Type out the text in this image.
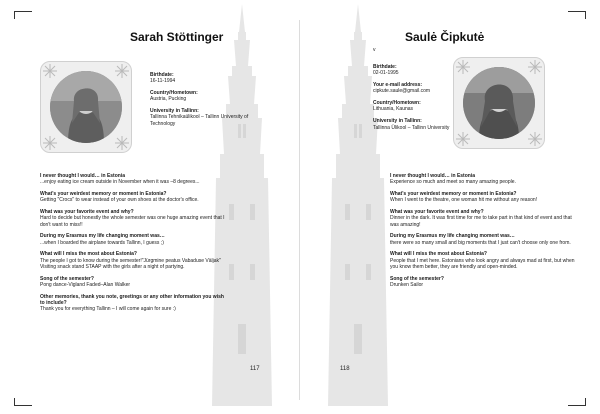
Sarah Stöttinger
Birthdate:
16-11-1994
Country/Hometown:
Austria, Pucking
University in Tallinn:
Tallinna Tehnikaülikool – Tallinn University of Technology
I never thought I would… in Estonia
...enjoy eating ice cream outside in November when it was –8 degrees...
What's your weirdest memory or moment in Estonia?
Getting "Crocs" to wear instead of your own shoes at the doctor's office.
What was your favorite event and why?
Hard to decide but honestly the whole semester was one huge amazing event that I don't want to miss!!
During my Erasmus my life changing moment was…
...when I boarded the airplane towards Tallinn, I guess ;)
What will I miss the most about Estonia?
The people I got to know during the semester!"Jürgmine peatus Vabaduse Väljak" Visiting snack stand STAAP with the girls after a night of partying.
Song of the semester?
Pong dance-Vigland Faded–Alan Walker
Other memories, thank you note, greetings or any other information you wish to include?
Thank you for everything Tallinn – I will come again for sure :)
117
Saulė Čipkutė
v
Birthdate:
02-01-1995
Your e-mail address:
cipkute.saule@gmail.com
Country/Hometown:
Lithuania, Kaunas
University in Tallinn:
Tallinna Ülikool – Tallinn University
I never thought I would… in Estonia
Experience so much and meet so many amazing people.
What's your weirdest memory or moment in Estonia?
When I went to the theatre, one woman hit me without any reason!
What was your favorite event and why?
Dinner in the dark. It was first time for me to take part in that kind of event and that was amazing!
During my Erasmus my life changing moment was…
there were so many small and big moments that I just can't choose only one from.
What will I miss the most about Estonia?
People that I met here. Estonians who look angry and always mad at first, but when you know them better, they are friendly and open-minded.
Song of the semester?
Drunken Sailor
118
